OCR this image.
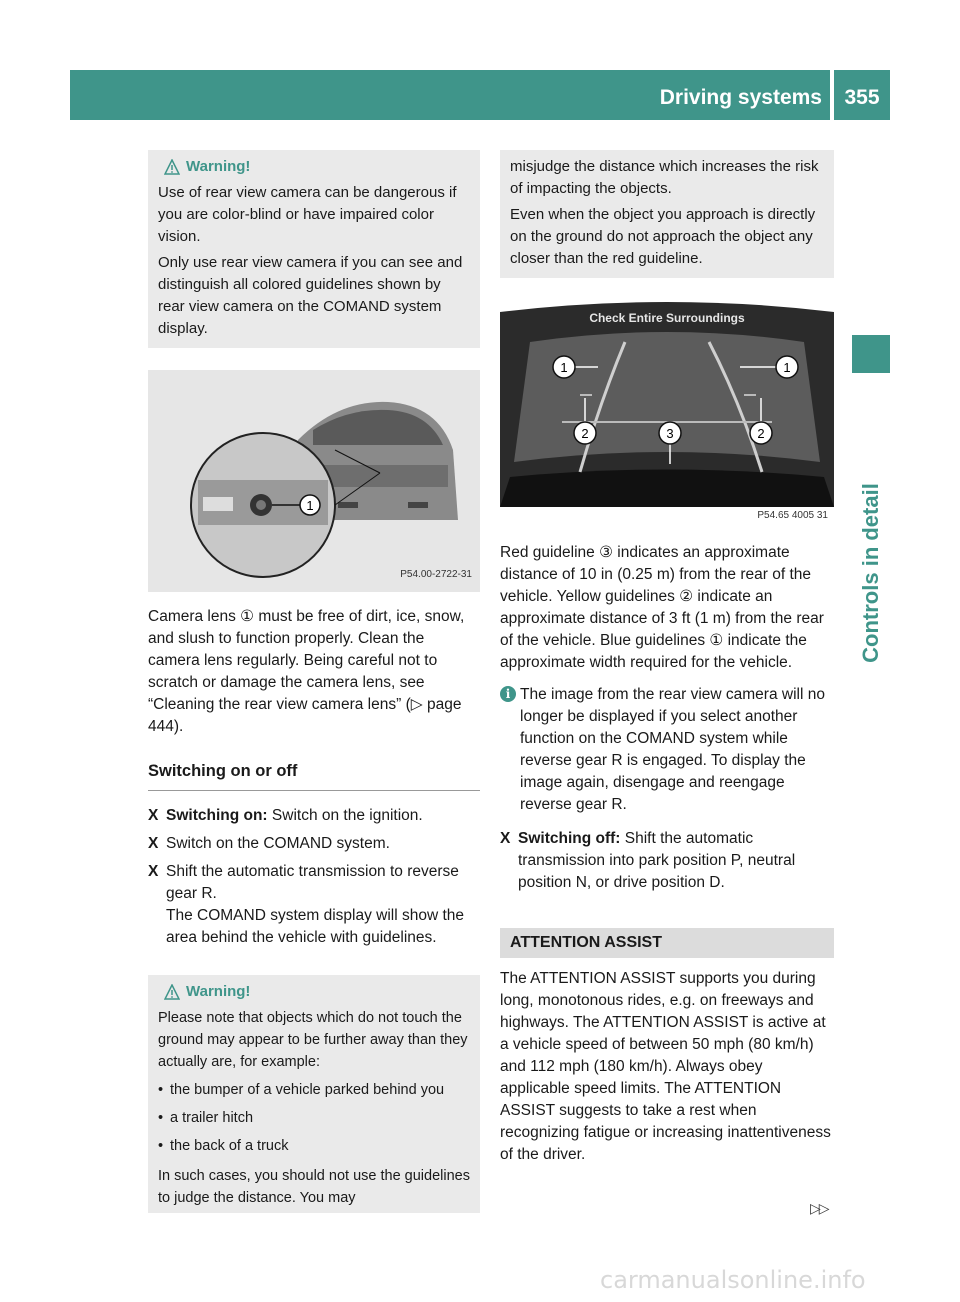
Driving systems	355
Controls in detail
Warning!

Use of rear view camera can be dangerous if you are color-blind or have impaired color vision.

Only use rear view camera if you can see and distinguish all colored guidelines shown by rear view camera on the COMAND system display.

1
P54.00-2722-31

Camera lens ① must be free of dirt, ice, snow, and slush to function properly. Clean the camera lens regularly. Being careful not to scratch or damage the camera lens, see “Cleaning the rear view camera lens” (▷ page 444).

Switching on or off
X Switching on: Switch on the ignition.
X Switch on the COMAND system.
X Shift the automatic transmission to reverse gear R.
The COMAND system display will show the area behind the vehicle with guidelines.
Warning!

Please note that objects which do not touch the ground may appear to be further away than they actually are, for example:

• the bumper of a vehicle parked behind you
• a trailer hitch
• the back of a truck

In such cases, you should not use the guidelines to judge the distance. You may

misjudge the distance which increases the risk of impacting the objects.

Even when the object you approach is directly on the ground do not approach the object any closer than the red guideline.

Check Entire Surroundings
1	1
2	3	2
P54.65 4005 31

Red guideline ③ indicates an approximate distance of 10 in (0.25 m) from the rear of the vehicle. Yellow guidelines ② indicate an approximate distance of 3 ft (1 m) from the rear of the vehicle. Blue guidelines ① indicate the approximate width required for the vehicle.

i The image from the rear view camera will no longer be displayed if you select another function on the COMAND system while reverse gear R is engaged. To display the image again, disengage and reengage reverse gear R.
X Switching off: Shift the automatic transmission into park position P, neutral position N, or drive position D.
ATTENTION ASSIST

The ATTENTION ASSIST supports you during long, monotonous rides, e.g. on freeways and highways. The ATTENTION ASSIST is active at a vehicle speed of between 50 mph (80 km/h) and 112 mph (180 km/h). Always obey applicable speed limits. The ATTENTION ASSIST suggests to take a rest when recognizing fatigue or increasing inattentiveness of the driver.

▷▷
carmanualsonline.info
